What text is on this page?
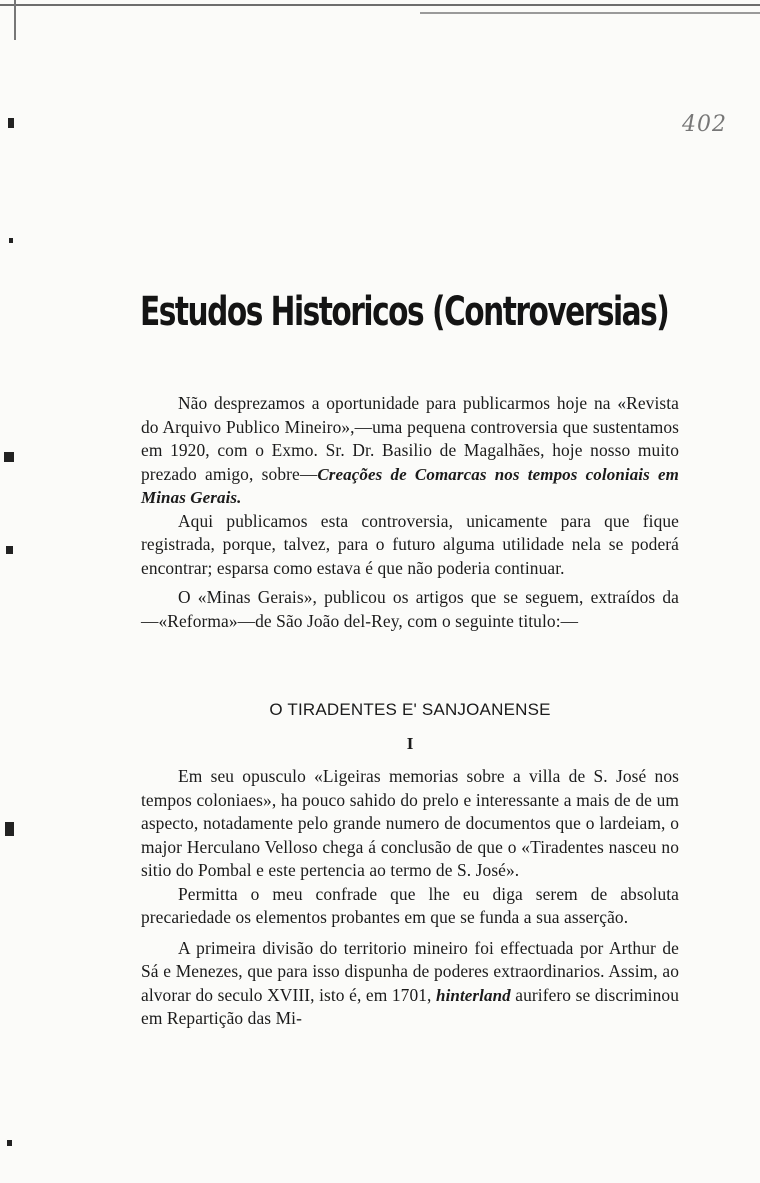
402
Estudos Historicos (Controversias)

Não desprezamos a oportunidade para publicarmos hoje na «Revista do Arquivo Publico Mineiro»,—uma pequena controversia que sustentamos em 1920, com o Exmo. Sr. Dr. Basilio de Magalhães, hoje nosso muito prezado amigo, sobre—Creações de Comarcas nos tempos coloniais em Minas Gerais.

Aqui publicamos esta controversia, unicamente para que fique registrada, porque, talvez, para o futuro alguma utilidade nela se poderá encontrar; esparsa como estava é que não poderia continuar.

O «Minas Gerais», publicou os artigos que se seguem, extraídos da —«Reforma»—de São João del-Rey, com o seguinte titulo:—

O TIRADENTES E' SANJOANENSE

I

Em seu opusculo «Ligeiras memorias sobre a villa de S. José nos tempos coloniaes», ha pouco sahido do prelo e interessante a mais de de um aspecto, notadamente pelo grande numero de documentos que o lardeiam, o major Herculano Velloso chega á conclusão de que o «Tiradentes nasceu no sitio do Pombal e este pertencia ao termo de S. José».

Permitta o meu confrade que lhe eu diga serem de absoluta precariedade os elementos probantes em que se funda a sua asserção.

A primeira divisão do territorio mineiro foi effectuada por Arthur de Sá e Menezes, que para isso dispunha de poderes extraordinarios. Assim, ao alvorar do seculo XVIII, isto é, em 1701, hinterland aurifero se discriminou em Repartição das Mi-
